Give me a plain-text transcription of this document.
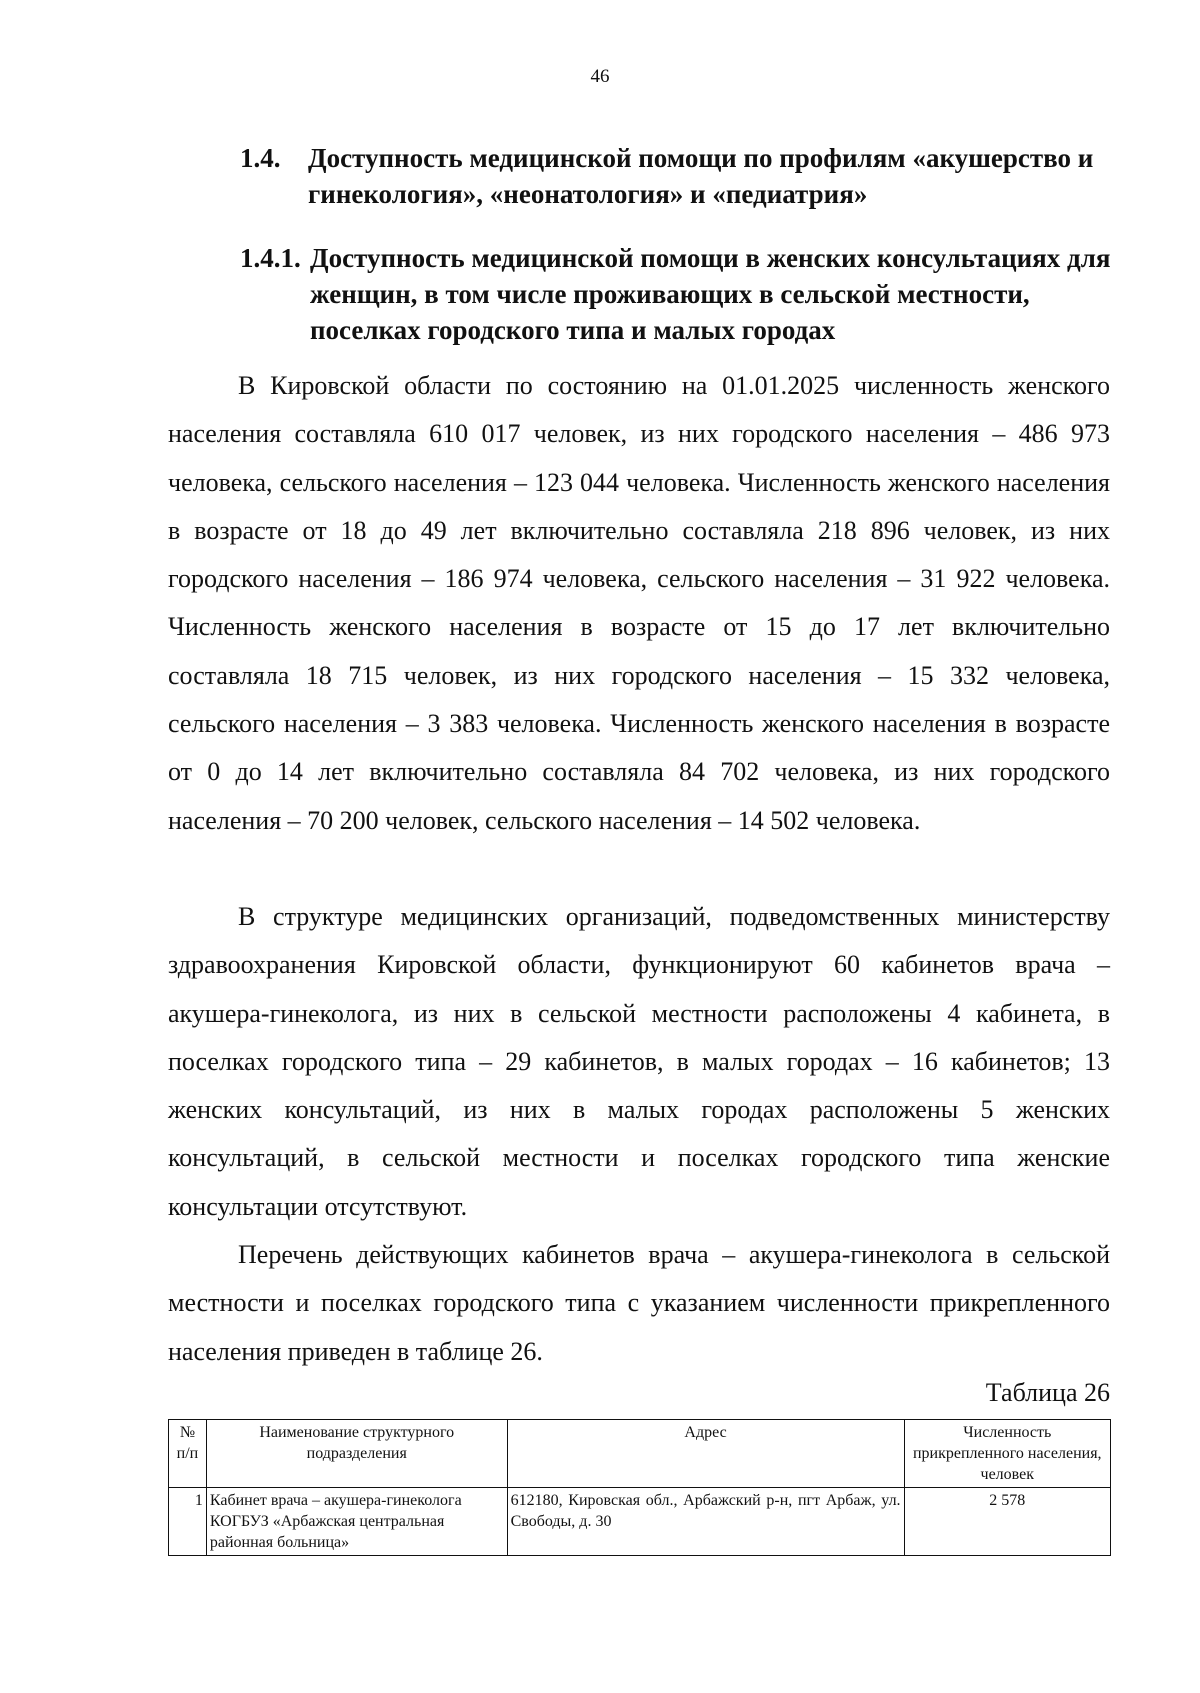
46
1.4. Доступность медицинской помощи по профилям «акушерство и гинекология», «неонатология» и «педиатрия»
1.4.1. Доступность медицинской помощи в женских консультациях для женщин, в том числе проживающих в сельской местности, поселках городского типа и малых городах

В Кировской области по состоянию на 01.01.2025 численность женского населения составляла 610 017 человек, из них городского населения – 486 973 человека, сельского населения – 123 044 человека. Численность женского населения в возрасте от 18 до 49 лет включительно составляла 218 896 человек, из них городского населения – 186 974 человека, сельского населения – 31 922 человека. Численность женского населения в возрасте от 15 до 17 лет включительно составляла 18 715 человек, из них городского населения – 15 332 человека, сельского населения – 3 383 человека. Численность женского населения в возрасте от 0 до 14 лет включительно составляла 84 702 человека, из них городского населения – 70 200 человек, сельского населения – 14 502 человека.

В структуре медицинских организаций, подведомственных министерству здравоохранения Кировской области, функционируют 60 кабинетов врача – акушера-гинеколога, из них в сельской местности расположены 4 кабинета, в поселках городского типа – 29 кабинетов, в малых городах – 16 кабинетов; 13 женских консультаций, из них в малых городах расположены 5 женских консультаций, в сельской местности и поселках городского типа женские консультации отсутствуют.

Перечень действующих кабинетов врача – акушера-гинеколога в сельской местности и поселках городского типа с указанием численности прикрепленного населения приведен в таблице 26.

Таблица 26
№ п/п	Наименование структурного подразделения	Адрес	Численность прикрепленного населения, человек
1	Кабинет врача – акушера-гинеколога КОГБУЗ «Арбажская центральная районная больница»	612180, Кировская обл., Арбажский р-н, пгт Арбаж, ул. Свободы, д. 30	2 578
